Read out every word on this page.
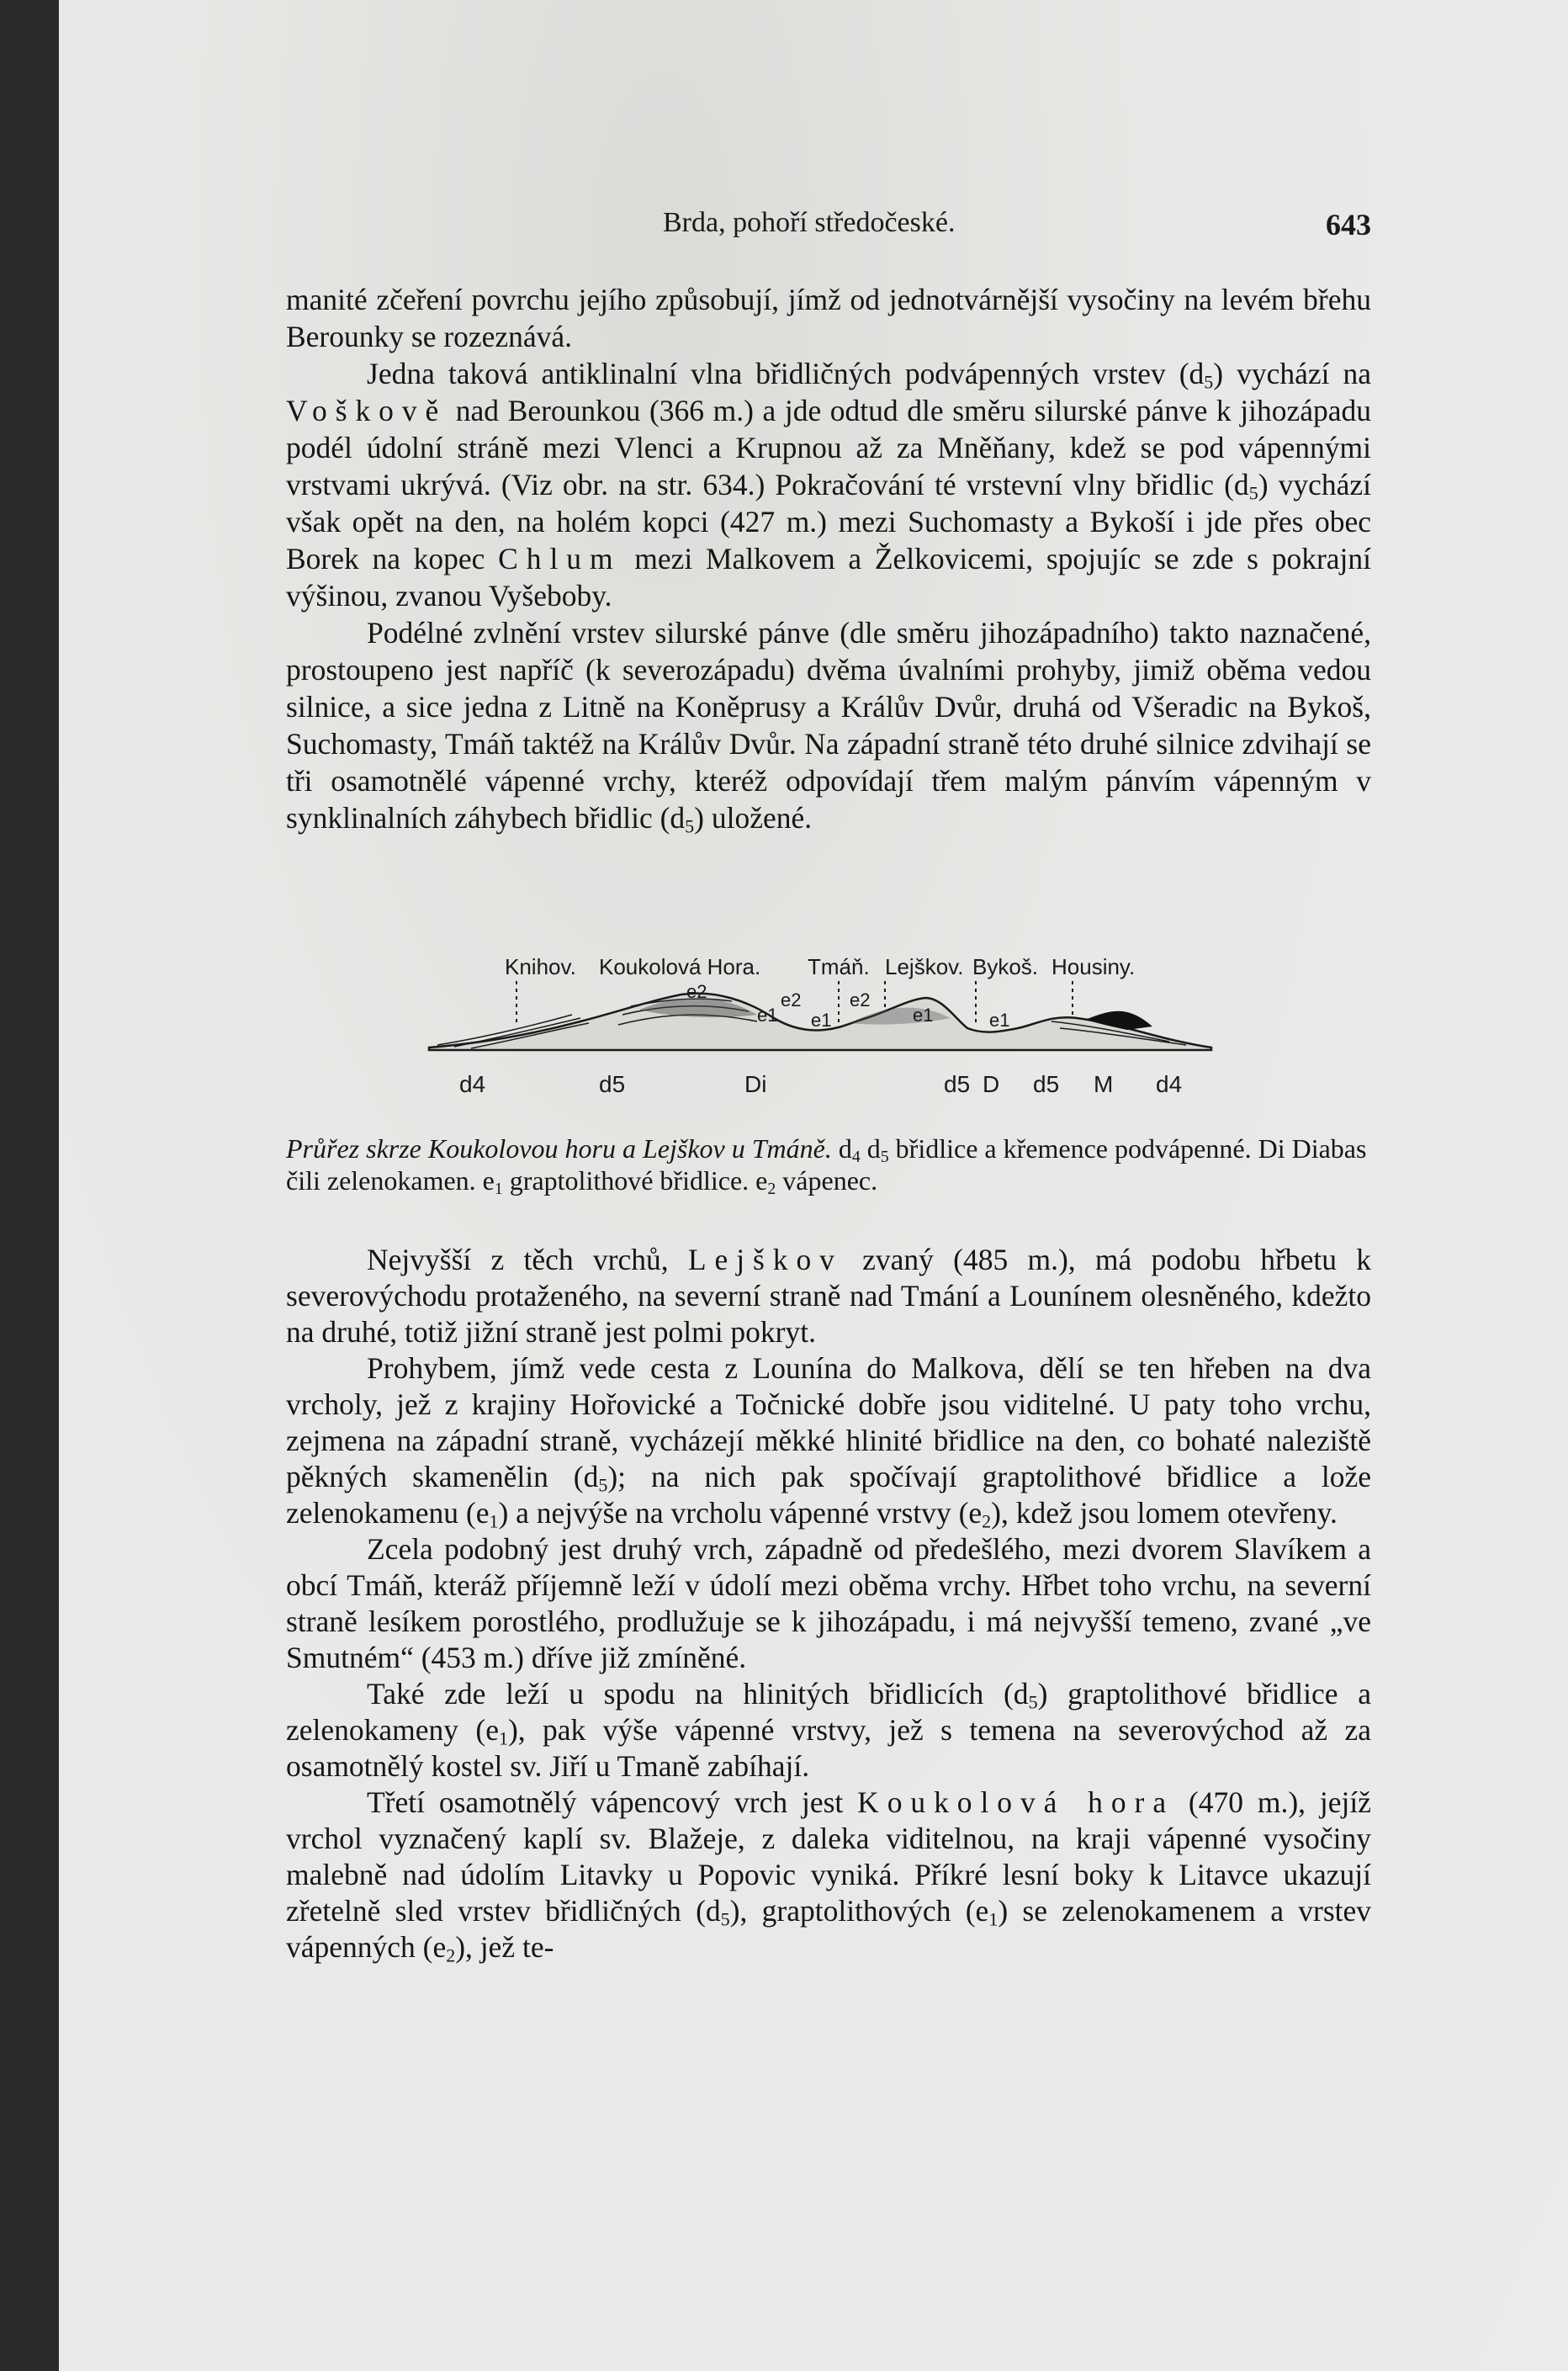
Brda, pohoří středočeské.	643

manité zčeření povrchu jejího způsobují, jímž od jednotvárnější vysočiny na levém břehu Berounky se rozeznává.

Jedna taková antiklinalní vlna břidličných podvápenných vrstev $(d_5)$ vychází na Voškově nad Berounkou (366 m.) a jde odtud dle směru silurské pánve k jihozápadu podél údolní stráně mezi Vlenci a Krupnou až za Mněňany, kdež se pod vápennými vrstvami ukrývá. (Viz obr. na str. 634.) Pokračování té vrstevní vlny břidlic $(d_5)$ vychází však opět na den, na holém kopci (427 m.) mezi Suchomasty a Bykoší i jde přes obec Borek na kopec Chlum mezi Malkovem a Želkovicemi, spojujíc se zde s pokrajní výšinou, zvanou Vyšeboby.

Podélné zvlnění vrstev silurské pánve (dle směru jihozápadního) takto naznačené, prostoupeno jest napříč (k severozápadu) dvěma úvalními prohyby, jimiž oběma vedou silnice, a sice jedna z Litně na Koněprusy a Králův Dvůr, druhá od Všeradic na Bykoš, Suchomasty, Tmáň taktéž na Králův Dvůr. Na západní straně této druhé silnice zdvihají se tři osamotnělé vápenné vrchy, kteréž odpovídají třem malým pánvím vápenným v synklinalních záhybech břidlic $(d_5)$ uložené.

Knihov. Koukolová Hora. Tmáň. Lejškov. Bykoš. Housiny.
e2	e2	e2
e1 e1	e1	e1
d4	d5	Di	d5 D d5 M d4
Průřez skrze Koukolovou horu a Lejškov u Tmáně. $d_4$ $d_5$ břidlice a křemence podvápenné. Di Diabas čili zelenokamen. $e_1$ graptolithové břidlice. $e_2$ vápenec.

Nejvyšší z těch vrchů, Lejškov zvaný (485 m.), má podobu hřbetu k severovýchodu protaženého, na severní straně nad Tmání a Lounínem olesněného, kdežto na druhé, totiž jižní straně jest polmi pokryt.

Prohybem, jímž vede cesta z Lounína do Malkova, dělí se ten hřeben na dva vrcholy, jež z krajiny Hořovické a Točnické dobře jsou viditelné. U paty toho vrchu, zejmena na západní straně, vycházejí měkké hlinité břidlice na den, co bohaté naleziště pěkných skamenělin $(d_5)$; na nich pak spočívají graptolithové břidlice a lože zelenokamenu $(e_1)$ a nejvýše na vrcholu vápenné vrstvy $(e_2)$, kdež jsou lomem otevřeny.

Zcela podobný jest druhý vrch, západně od předešlého, mezi dvorem Slavíkem a obcí Tmáň, kteráž příjemně leží v údolí mezi oběma vrchy. Hřbet toho vrchu, na severní straně lesíkem porostlého, prodlužuje se k jihozápadu, i má nejvyšší temeno, zvané „ve Smutném“ (453 m.) dříve již zmíněné.

Také zde leží u spodu na hlinitých břidlicích $(d_5)$ graptolithové břidlice a zelenokameny $(e_1)$, pak výše vápenné vrstvy, jež s temena na severovýchod až za osamotnělý kostel sv. Jiří u Tmaně zabíhají.

Třetí osamotnělý vápencový vrch jest Koukolová hora (470 m.), jejíž vrchol vyznačený kaplí sv. Blažeje, z daleka viditelnou, na kraji vápenné vysočiny malebně nad údolím Litavky u Popovic vyniká. Příkré lesní boky k Litavce ukazují zřetelně sled vrstev břidličných $(d_5)$, graptolithových $(e_1)$ se zelenokamenem a vrstev vápenných $(e_2)$, jež te-
